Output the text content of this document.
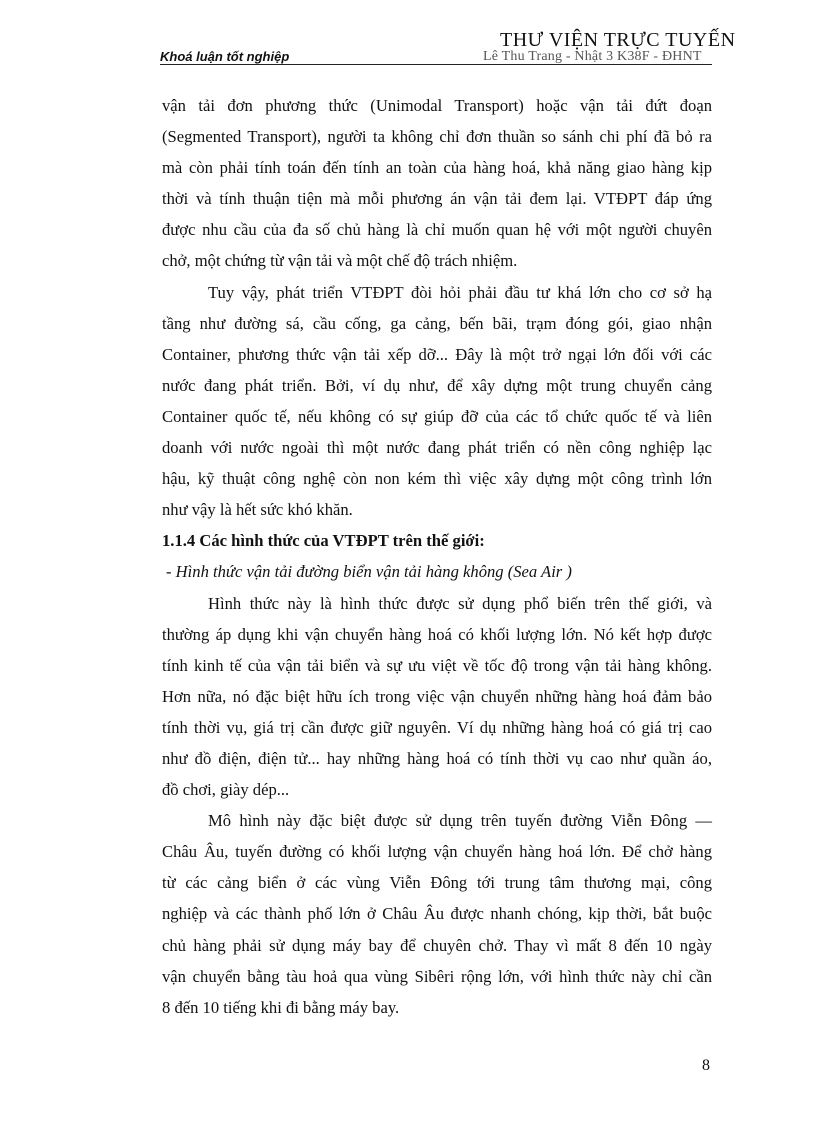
THƯ VIỆN TRỰC TUYẾN
Khoá luận tốt nghiệp	Lê Thu Trang - Nhật 3 K38F - ĐHNT
vận tải đơn phương thức (Unimodal Transport) hoặc vận tải đứt đoạn
(Segmented Transport), người ta không chỉ đơn thuần so sánh chi phí đã bỏ ra
mà còn phải tính toán đến tính an toàn của hàng hoá, khả năng giao hàng kịp
thời và tính thuận tiện mà mỗi phương án vận tải đem lại. VTĐPT đáp ứng
được nhu cầu của đa số chủ hàng là chỉ muốn quan hệ với một người chuyên
chở, một chứng từ vận tải và một chế độ trách nhiệm.
Tuy vậy, phát triển VTĐPT đòi hỏi phải đầu tư khá lớn cho cơ sở hạ
tầng như đường sá, cầu cống, ga cảng, bến bãi, trạm đóng gói, giao nhận
Container, phương thức vận tải xếp dỡ... Đây là một trở ngại lớn đối với các
nước đang phát triển. Bởi, ví dụ như, để xây dựng một trung chuyển cảng
Container quốc tế, nếu không có sự giúp đỡ của các tổ chức quốc tế và liên
doanh với nước ngoài thì một nước đang phát triển có nền công nghiệp lạc
hậu, kỹ thuật công nghệ còn non kém thì việc xây dựng một công trình lớn
như vậy là hết sức khó khăn.
1.1.4 Các hình thức của VTĐPT trên thế giới:
- Hình thức vận tải đường biển vận tải hàng không (Sea Air )
Hình thức này là hình thức được sử dụng phổ biến trên thế giới, và
thường áp dụng khi vận chuyển hàng hoá có khối lượng lớn. Nó kết hợp được
tính kinh tế của vận tải biển và sự ưu việt về tốc độ trong vận tải hàng không.
Hơn nữa, nó đặc biệt hữu ích trong việc vận chuyển những hàng hoá đảm bảo
tính thời vụ, giá trị cần được giữ nguyên. Ví dụ những hàng hoá có giá trị cao
như đồ điện, điện tử... hay những hàng hoá có tính thời vụ cao như quần áo,
đồ chơi, giày dép...
Mô hình này đặc biệt được sử dụng trên tuyến đường Viễn Đông —
Châu Âu, tuyến đường có khối lượng vận chuyển hàng hoá lớn. Để chở hàng
từ các cảng biển ở các vùng Viễn Đông tới trung tâm thương mại, công
nghiệp và các thành phố lớn ở Châu Âu được nhanh chóng, kịp thời, bắt buộc
chủ hàng phải sử dụng máy bay để chuyên chở. Thay vì mất 8 đến 10 ngày
vận chuyển bằng tàu hoả qua vùng Sibêri rộng lớn, với hình thức này chỉ cần
8 đến 10 tiếng khi đi bằng máy bay.
8
